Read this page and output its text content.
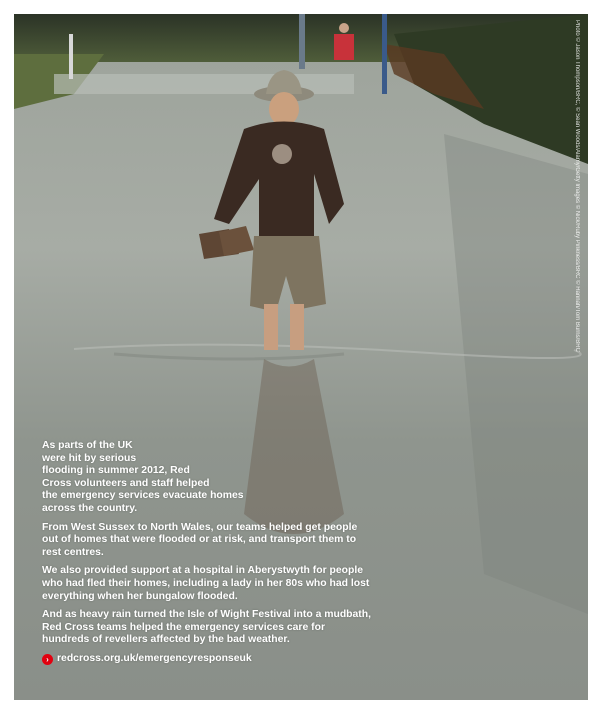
Photo © Jason Thompson/BRC, © Sean Woods/Alamy/Getty Images © Nick/Ruby Pinkness/BRC © Hannah/Tom Burns/BRC

As parts of the UK
were hit by serious
flooding in summer 2012, Red
Cross volunteers and staff helped
the emergency services evacuate homes
across the country.

From West Sussex to North Wales, our teams helped get people out of homes that were flooded or at risk, and transport them to rest centres.

We also provided support at a hospital in Aberystwyth for people who had fled their homes, including a lady in her 80s who had lost everything when her bungalow flooded.

And as heavy rain turned the Isle of Wight Festival into a mudbath, Red Cross teams helped the emergency services care for hundreds of revellers affected by the bad weather.

› redcross.org.uk/emergencyresponseuk
